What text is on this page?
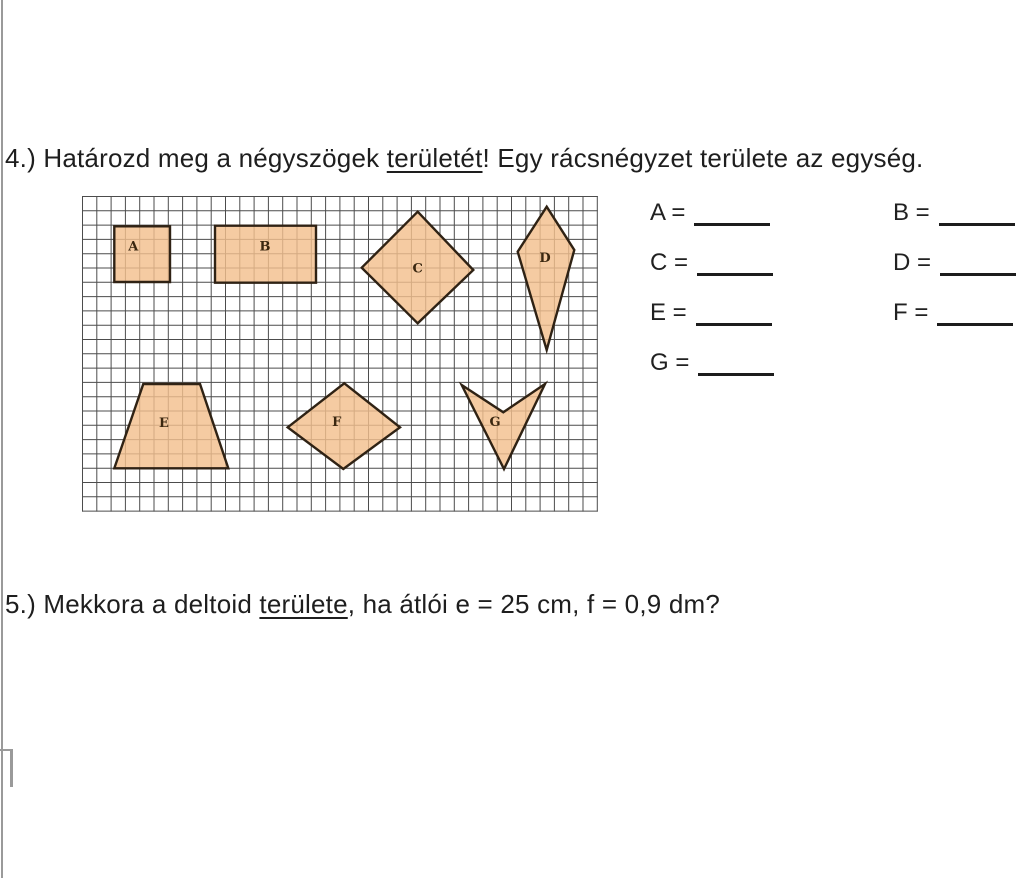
4.) Határozd meg a négyszögek területét! Egy rácsnégyzet területe az egység.

A	B
C
D
E	F	G
A =	B =
C =	D =
E =	F =
G =

5.) Mekkora a deltoid területe, ha átlói e = 25 cm, f = 0,9 dm?
